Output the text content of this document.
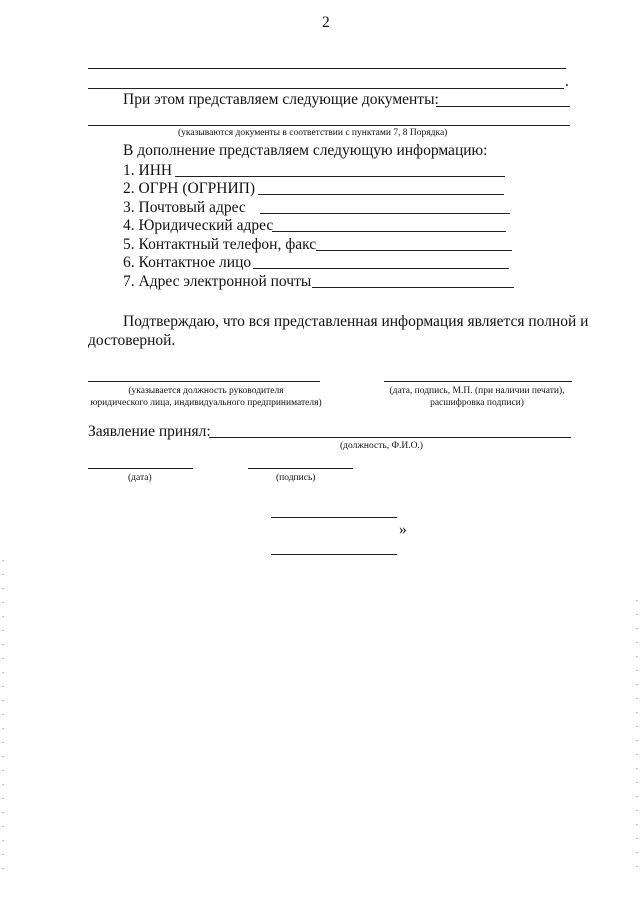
2
.
При этом представляем следующие документы:
(указываются документы в соответствии с пунктами 7, 8 Порядка)
В дополнение представляем следующую информацию:
1. ИНН
2. ОГРН (ОГРНИП)
3. Почтовый адрес
4. Юридический адрес
5. Контактный телефон, факс
6. Контактное лицо
7. Адрес электронной почты
Подтверждаю, что вся представленная информация является полной и
достоверной.
(указывается должность руководителя
юридического лица, индивидуального предпринимателя)
(дата, подпись, М.П. (при наличии печати),
расшифровка подписи)
Заявление принял:
(должность, Ф.И.О.)
(дата)	(подпись)
»
